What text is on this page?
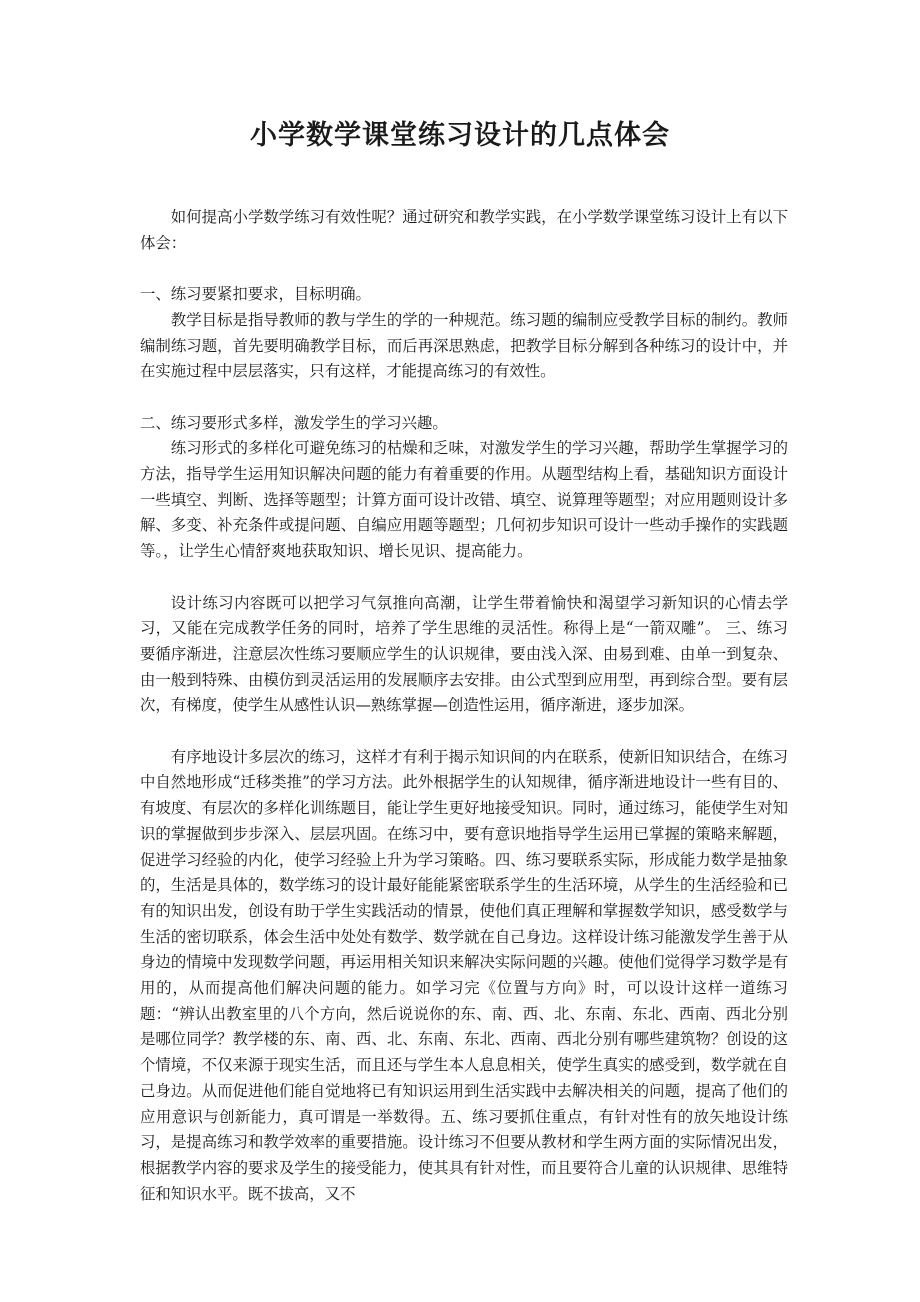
小学数学课堂练习设计的几点体会

如何提高小学数学练习有效性呢？通过研究和教学实践，在小学数学课堂练习设计上有以下体会：

一、练习要紧扣要求，目标明确。

教学目标是指导教师的教与学生的学的一种规范。练习题的编制应受教学目标的制约。教师编制练习题，首先要明确教学目标，而后再深思熟虑，把教学目标分解到各种练习的设计中，并在实施过程中层层落实，只有这样，才能提高练习的有效性。

二、练习要形式多样，激发学生的学习兴趣。

练习形式的多样化可避免练习的枯燥和乏味，对激发学生的学习兴趣，帮助学生掌握学习的方法，指导学生运用知识解决问题的能力有着重要的作用。从题型结构上看，基础知识方面设计一些填空、判断、选择等题型；计算方面可设计改错、填空、说算理等题型；对应用题则设计多解、多变、补充条件或提问题、自编应用题等题型；几何初步知识可设计一些动手操作的实践题等。，让学生心情舒爽地获取知识、增长见识、提高能力。

设计练习内容既可以把学习气氛推向高潮，让学生带着愉快和渴望学习新知识的心情去学习，又能在完成教学任务的同时，培养了学生思维的灵活性。称得上是“一箭双雕”。 三、练习要循序渐进，注意层次性练习要顺应学生的认识规律，要由浅入深、由易到难、由单一到复杂、由一般到特殊、由模仿到灵活运用的发展顺序去安排。由公式型到应用型，再到综合型。要有层次，有梯度，使学生从感性认识—熟练掌握—创造性运用，循序渐进，逐步加深。

有序地设计多层次的练习，这样才有利于揭示知识间的内在联系，使新旧知识结合，在练习中自然地形成“迁移类推”的学习方法。此外根据学生的认知规律，循序渐进地设计一些有目的、有坡度、有层次的多样化训练题目，能让学生更好地接受知识。同时，通过练习，能使学生对知识的掌握做到步步深入、层层巩固。在练习中，要有意识地指导学生运用已掌握的策略来解题，促进学习经验的内化，使学习经验上升为学习策略。四、练习要联系实际，形成能力数学是抽象的，生活是具体的，数学练习的设计最好能能紧密联系学生的生活环境，从学生的生活经验和已有的知识出发，创设有助于学生实践活动的情景，使他们真正理解和掌握数学知识，感受数学与生活的密切联系，体会生活中处处有数学、数学就在自己身边。这样设计练习能激发学生善于从身边的情境中发现数学问题，再运用相关知识来解决实际问题的兴趣。使他们觉得学习数学是有用的，从而提高他们解决问题的能力。如学习完《位置与方向》时，可以设计这样一道练习题：“辨认出教室里的八个方向，然后说说你的东、南、西、北、东南、东北、西南、西北分别是哪位同学？教学楼的东、南、西、北、东南、东北、西南、西北分别有哪些建筑物？创设的这个情境，不仅来源于现实生活，而且还与学生本人息息相关，使学生真实的感受到，数学就在自己身边。从而促进他们能自觉地将已有知识运用到生活实践中去解决相关的问题，提高了他们的应用意识与创新能力，真可谓是一举数得。五、练习要抓住重点，有针对性有的放矢地设计练习，是提高练习和教学效率的重要措施。设计练习不但要从教材和学生两方面的实际情况出发，根据教学内容的要求及学生的接受能力，使其具有针对性，而且要符合儿童的认识规律、思维特征和知识水平。既不拔高，又不
